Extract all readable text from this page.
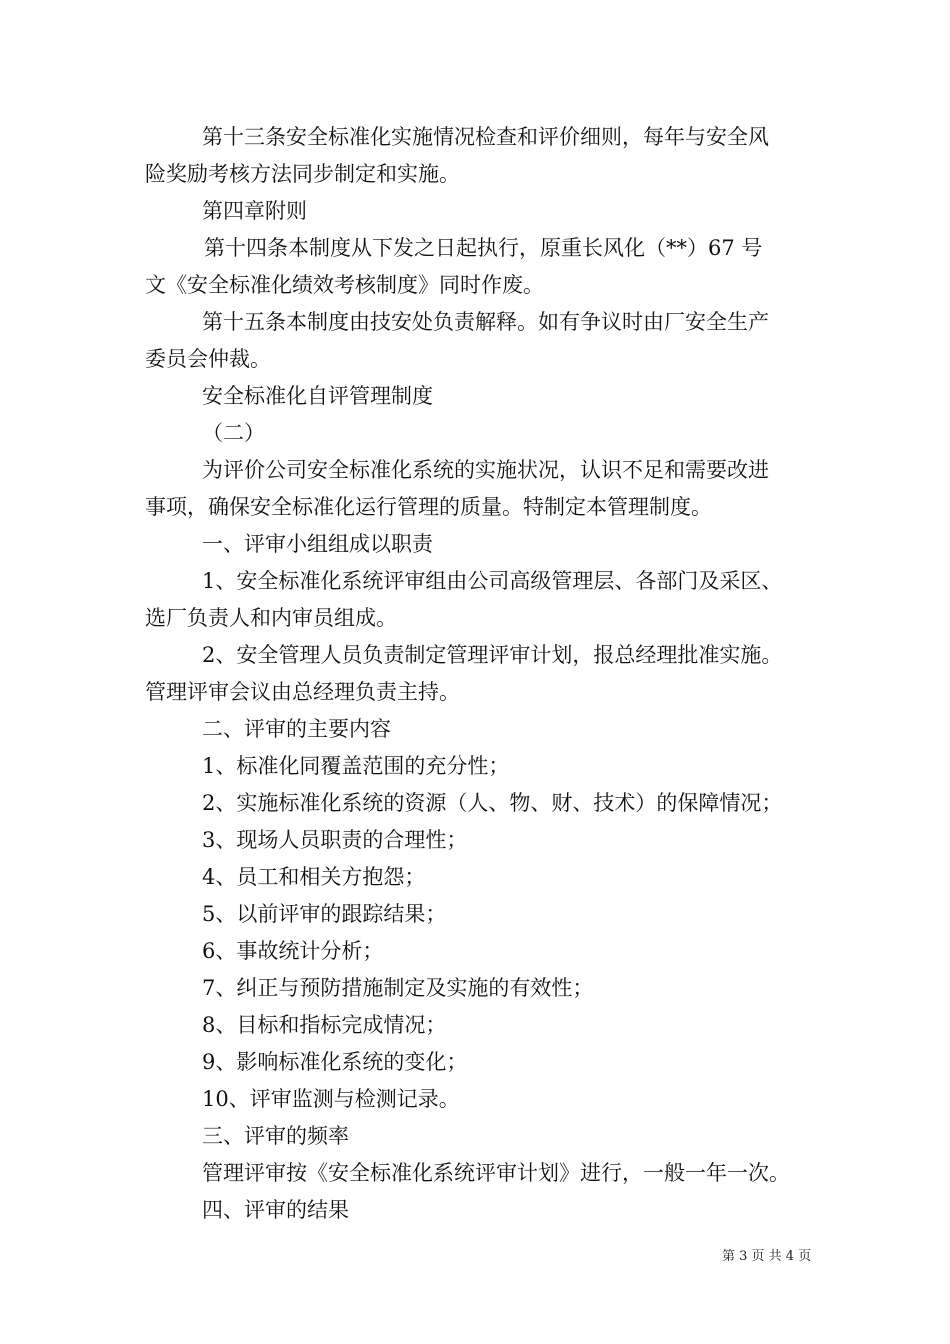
第十三条安全标准化实施情况检查和评价细则，每年与安全风
险奖励考核方法同步制定和实施。
第四章附则
第十四条本制度从下发之日起执行，原重长风化（**）67 号
文《安全标准化绩效考核制度》同时作废。
第十五条本制度由技安处负责解释。如有争议时由厂安全生产
委员会仲裁。
安全标准化自评管理制度
（二）
为评价公司安全标准化系统的实施状况，认识不足和需要改进
事项，确保安全标准化运行管理的质量。特制定本管理制度。
一、评审小组组成以职责
1、安全标准化系统评审组由公司高级管理层、各部门及采区、
选厂负责人和内审员组成。
2、安全管理人员负责制定管理评审计划，报总经理批准实施。
管理评审会议由总经理负责主持。
二、评审的主要内容
1、标准化同覆盖范围的充分性；
2、实施标准化系统的资源（人、物、财、技术）的保障情况；
3、现场人员职责的合理性；
4、员工和相关方抱怨；
5、以前评审的跟踪结果；
6、事故统计分析；
7、纠正与预防措施制定及实施的有效性；
8、目标和指标完成情况；
9、影响标准化系统的变化；
10、评审监测与检测记录。
三、评审的频率
管理评审按《安全标准化系统评审计划》进行，一般一年一次。
四、评审的结果
第 3 页 共 4 页
